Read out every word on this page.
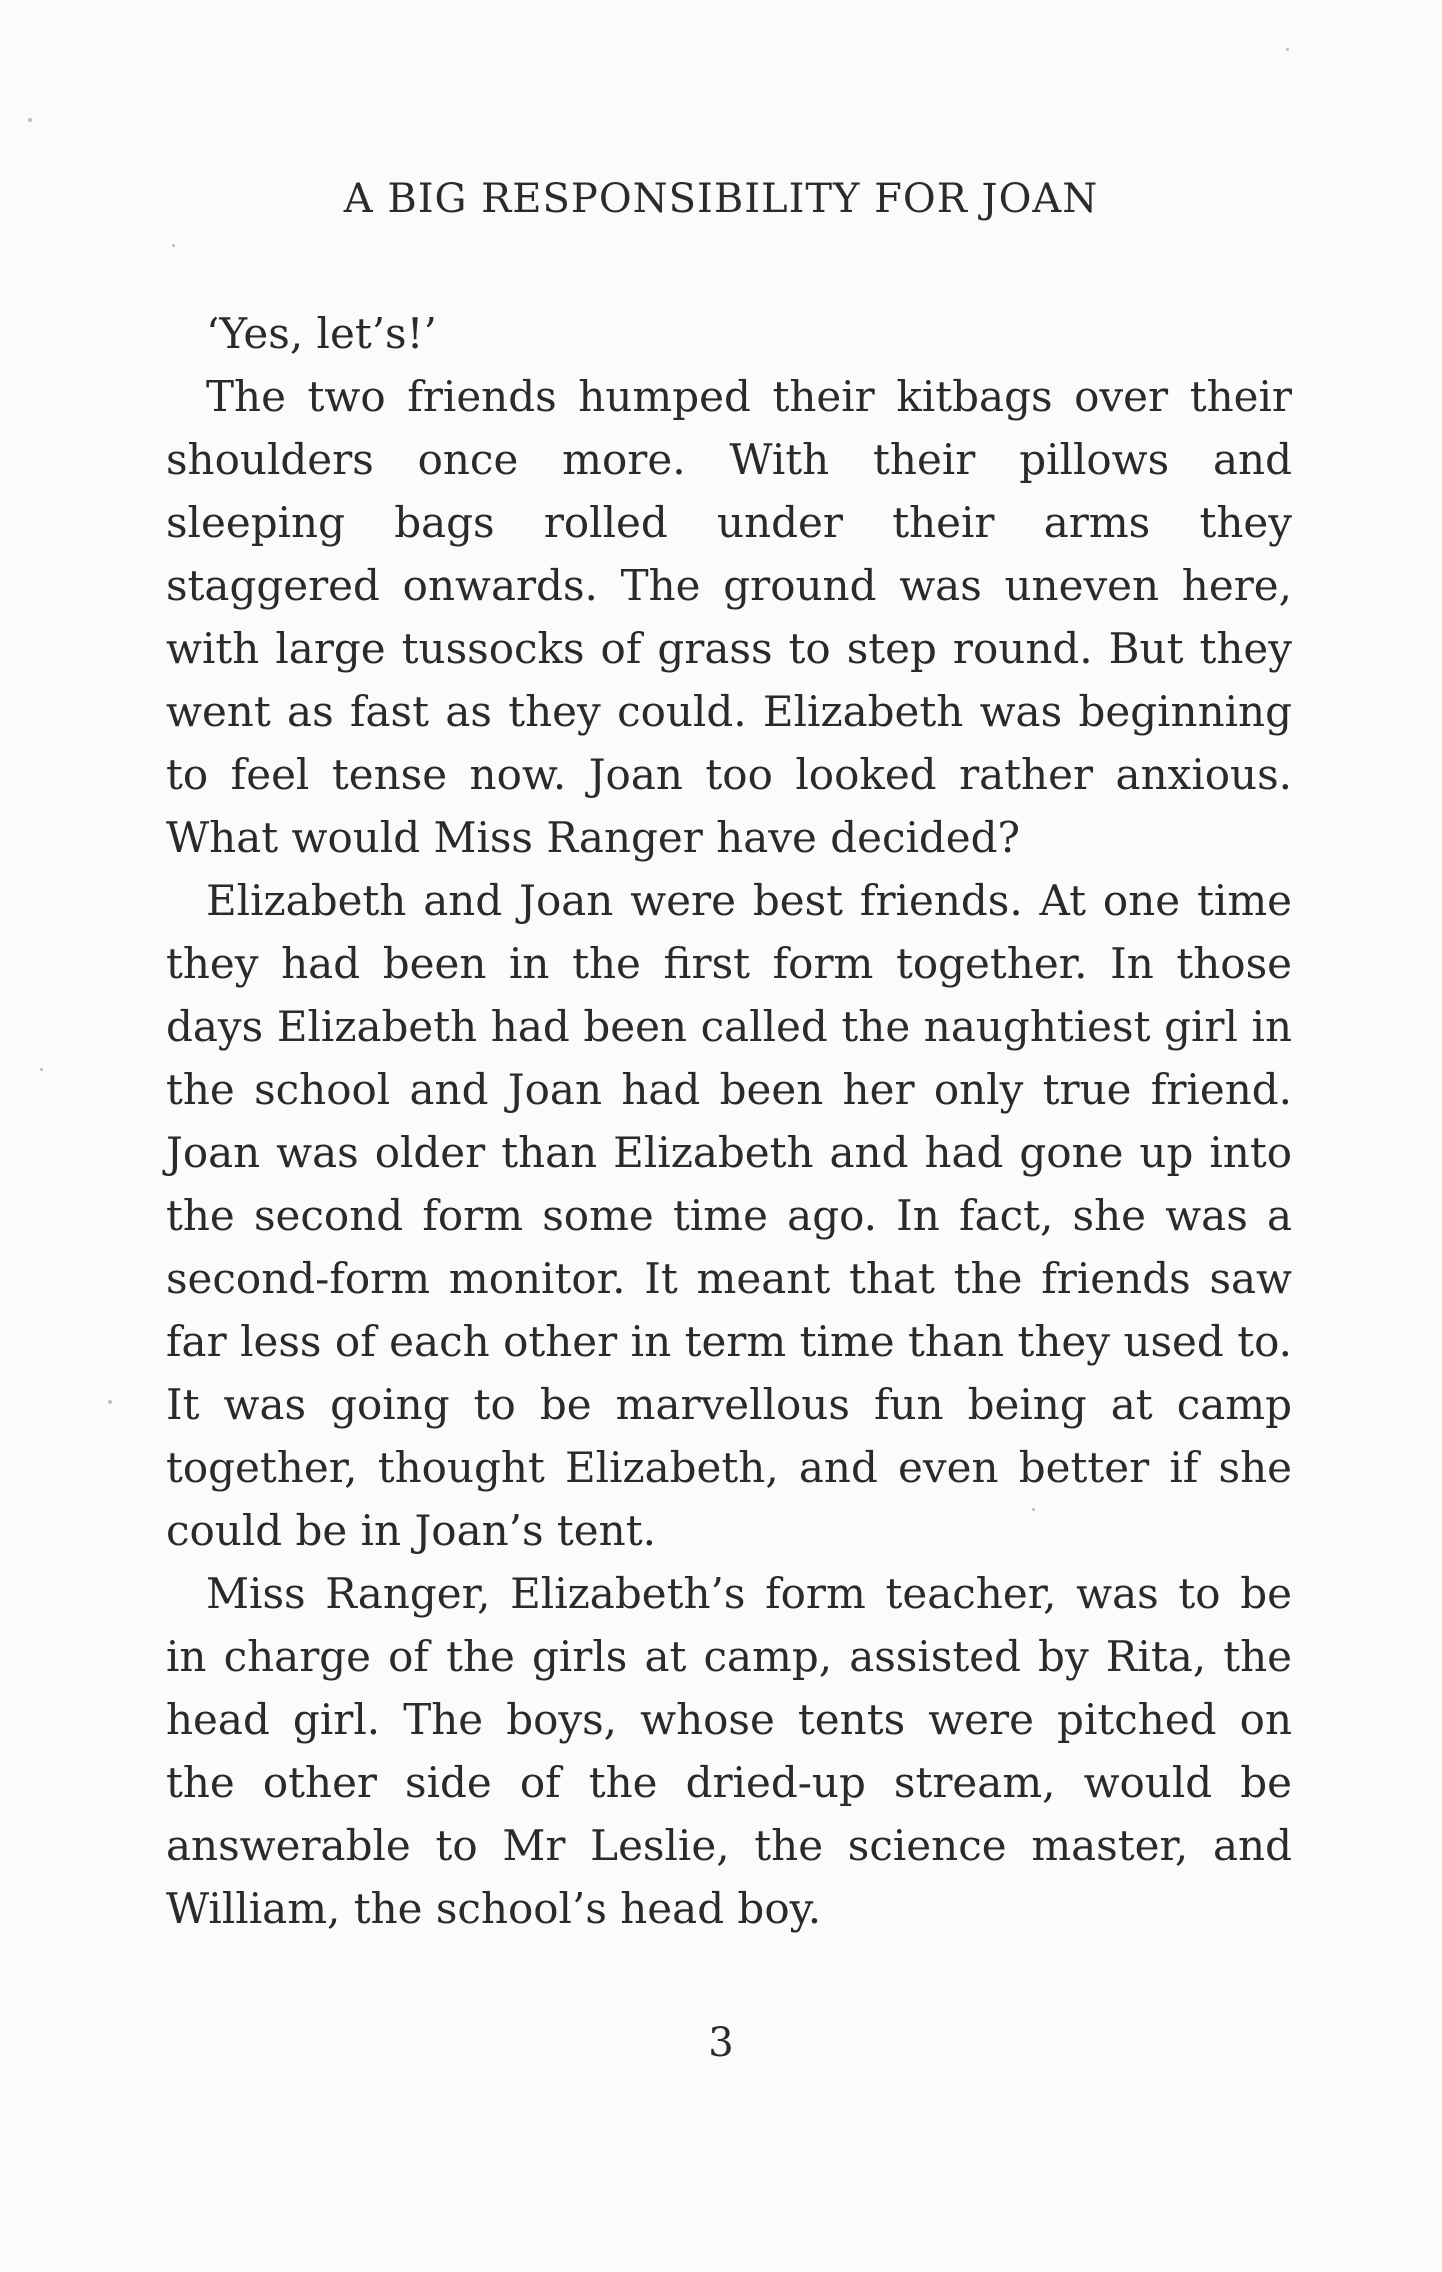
A BIG RESPONSIBILITY FOR JOAN

‘Yes, let’s!’

The two friends humped their kitbags over their shoulders once more. With their pillows and sleeping bags rolled under their arms they staggered onwards. The ground was uneven here, with large tussocks of grass to step round. But they went as fast as they could. Elizabeth was beginning to feel tense now. Joan too looked rather anxious. What would Miss Ranger have decided?

Elizabeth and Joan were best friends. At one time they had been in the first form together. In those days Elizabeth had been called the naughtiest girl in the school and Joan had been her only true friend. Joan was older than Elizabeth and had gone up into the second form some time ago. In fact, she was a second-form monitor. It meant that the friends saw far less of each other in term time than they used to. It was going to be marvellous fun being at camp together, thought Elizabeth, and even better if she could be in Joan’s tent.

Miss Ranger, Elizabeth’s form teacher, was to be in charge of the girls at camp, assisted by Rita, the head girl. The boys, whose tents were pitched on the other side of the dried-up stream, would be answerable to Mr Leslie, the science master, and William, the school’s head boy.

3
